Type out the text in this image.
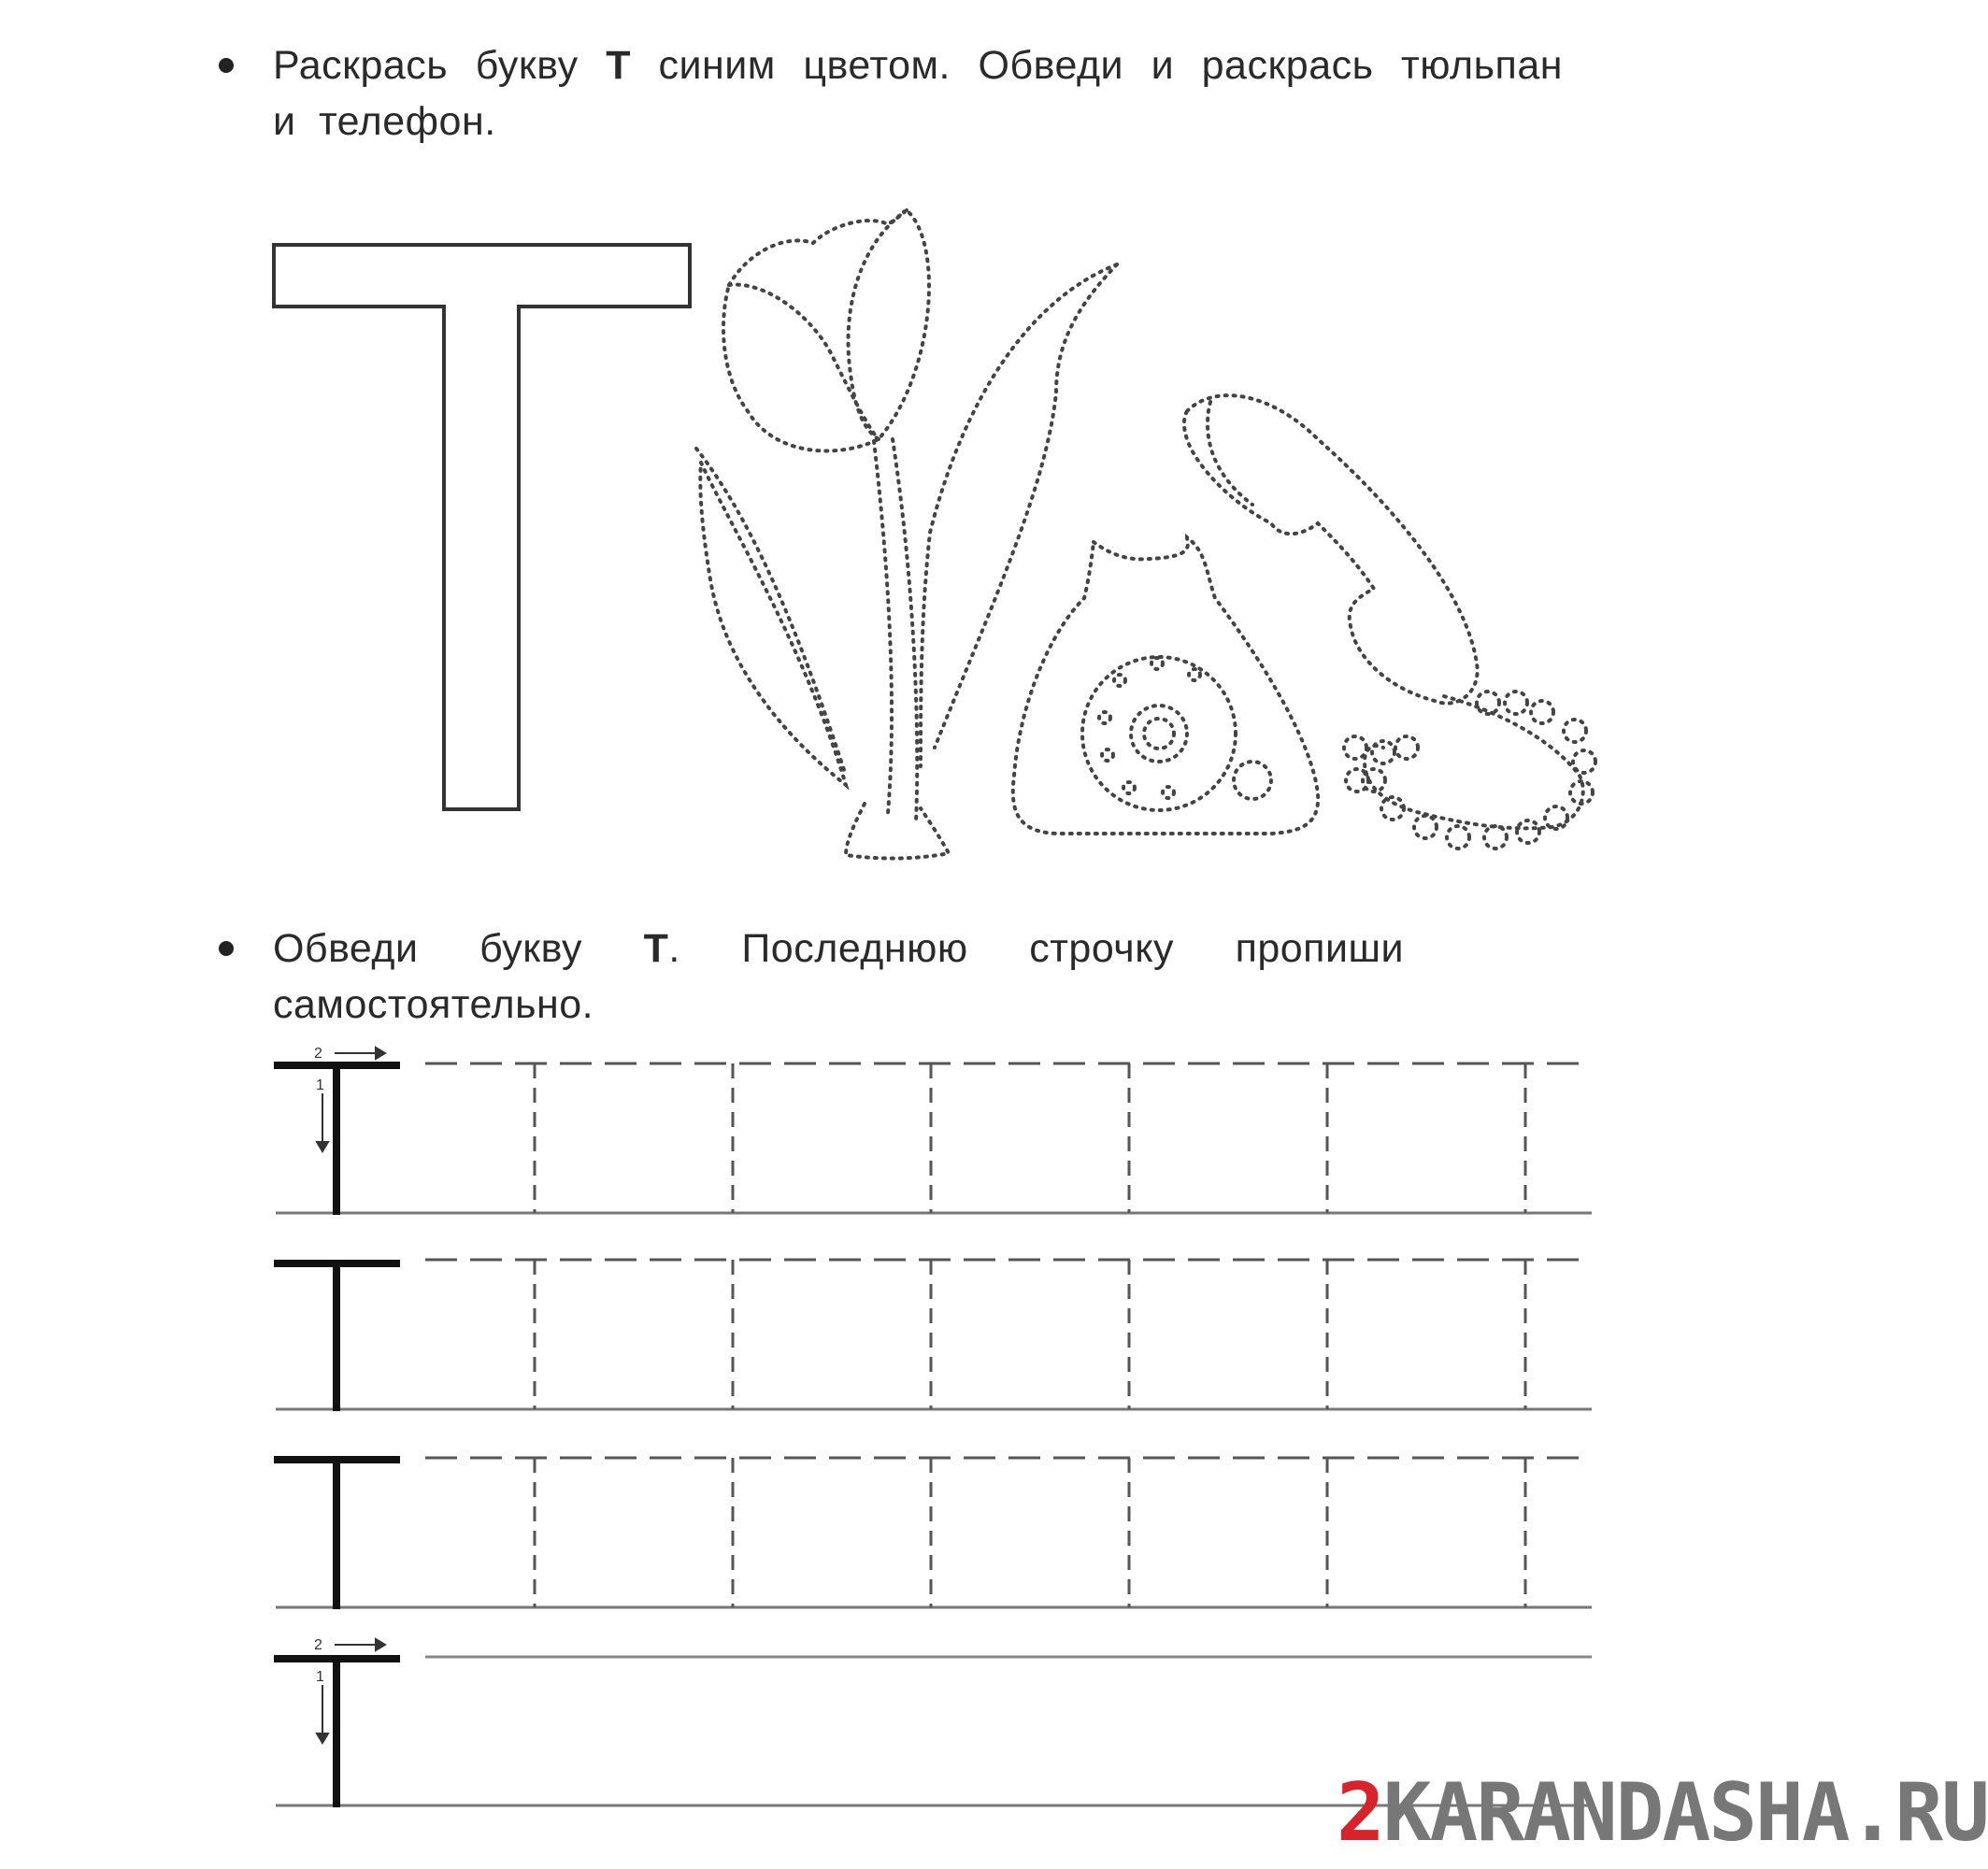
Раскрась букву Т синим цветом. Обведи и раскрась тюльпан и телефон.
Обведи букву Т. Последнюю строчку пропиши самостоятельно.
2
1
2
1
2KARANDASHA.RU
